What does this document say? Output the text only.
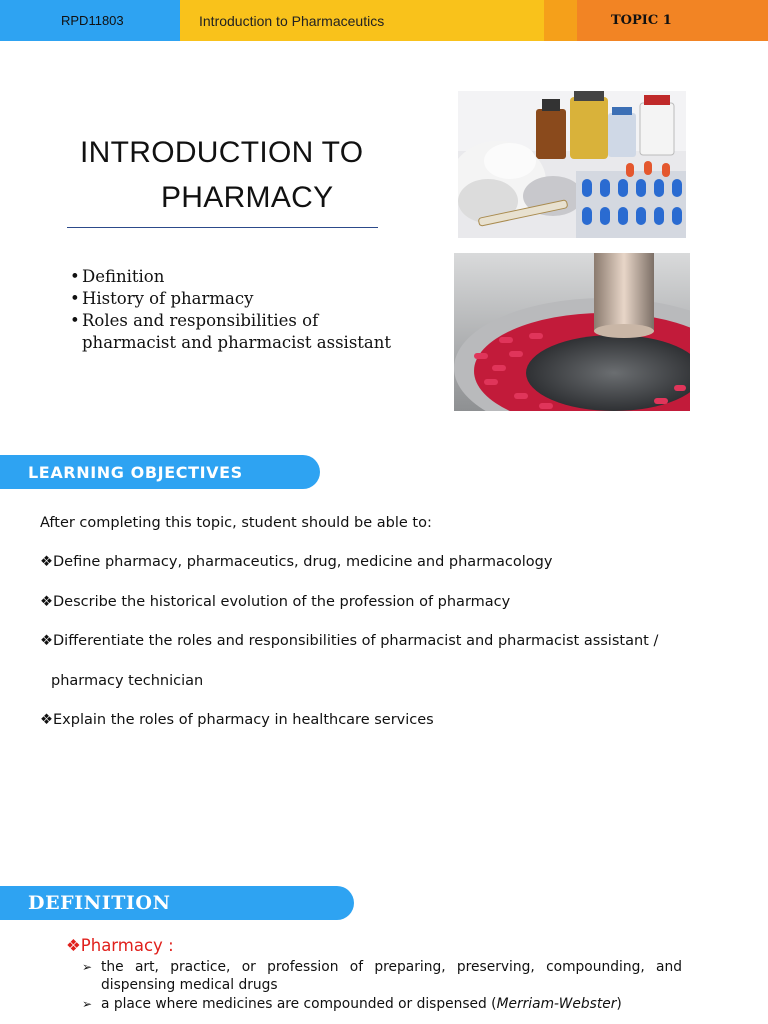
RPD11803	Introduction to Pharmaceutics	TOPIC 1
INTRODUCTION TO
PHARMACY
• Definition
• History of pharmacy
• Roles and responsibilities of
pharmacist and pharmacist assistant
LEARNING OBJECTIVES
After completing this topic, student should be able to:
❖Define pharmacy, pharmaceutics, drug, medicine and pharmacology
❖Describe the historical evolution of the profession of pharmacy
❖Differentiate the roles and responsibilities of pharmacist and pharmacist assistant /
pharmacy technician
❖Explain the roles of pharmacy in healthcare services
DEFINITION
❖Pharmacy :
➢ the art, practice, or profession of preparing, preserving, compounding, and dispensing medical drugs
➢ a place where medicines are compounded or dispensed (Merriam-Webster)
